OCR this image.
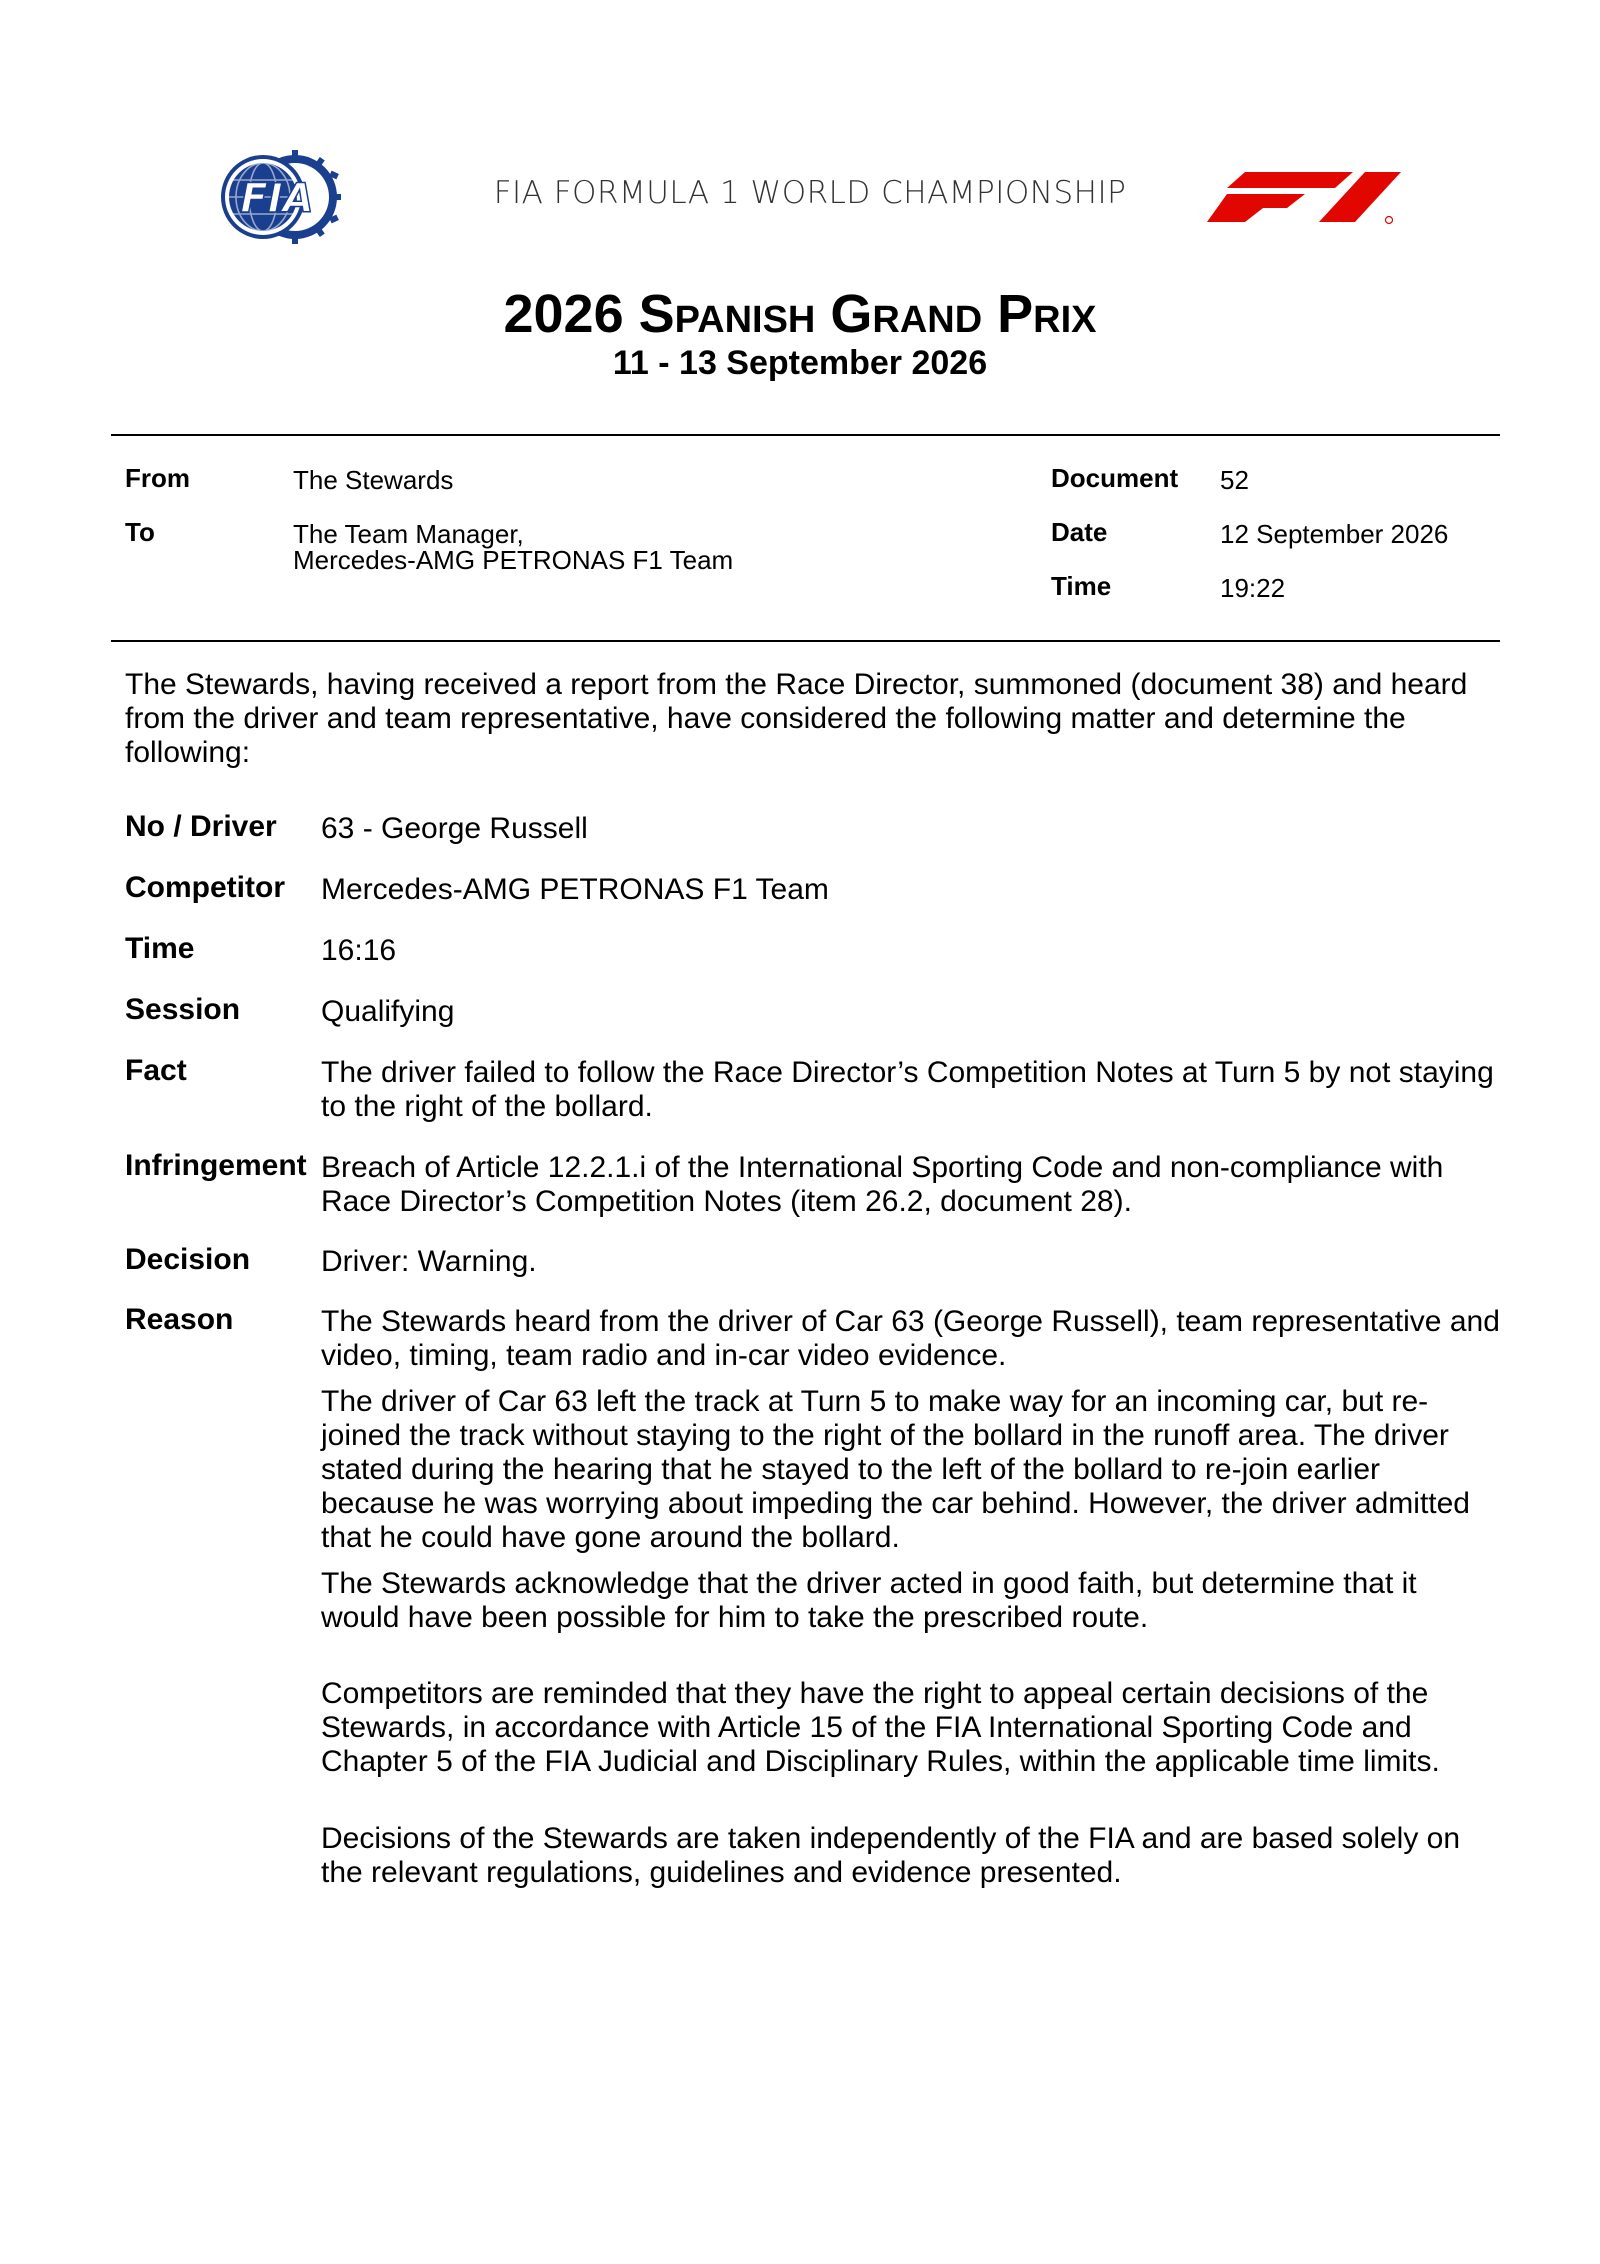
FIA	FIA FORMULA 1 WORLD CHAMPIONSHIP
2026 Spanish Grand Prix
11 - 13 September 2026
From	The Stewards
To	The Team Manager,
Mercedes-AMG PETRONAS F1 Team
Document 52
Date	12 September 2026
Time	19:22
The Stewards, having received a report from the Race Director, summoned (document 38) and heard from the driver and team representative, have considered the following matter and determine the following:
No / Driver 63 - George Russell
Competitor Mercedes-AMG PETRONAS F1 Team
Time	16:16
Session	Qualifying
Fact	The driver failed to follow the Race Director’s Competition Notes at Turn 5 by not staying to the right of the bollard.
Infringement Breach of Article 12.2.1.i of the International Sporting Code and non-compliance with Race Director’s Competition Notes (item 26.2, document 28).
Decision Driver: Warning.
Reason	The Stewards heard from the driver of Car 63 (George Russell), team representative and video, timing, team radio and in-car video evidence.

The driver of Car 63 left the track at Turn 5 to make way for an incoming car, but re-joined the track without staying to the right of the bollard in the runoff area. The driver stated during the hearing that he stayed to the left of the bollard to re-join earlier because he was worrying about impeding the car behind. However, the driver admitted that he could have gone around the bollard.

The Stewards acknowledge that the driver acted in good faith, but determine that it would have been possible for him to take the prescribed route.

Competitors are reminded that they have the right to appeal certain decisions of the Stewards, in accordance with Article 15 of the FIA International Sporting Code and Chapter 5 of the FIA Judicial and Disciplinary Rules, within the applicable time limits.
Decisions of the Stewards are taken independently of the FIA and are based solely on the relevant regulations, guidelines and evidence presented.
